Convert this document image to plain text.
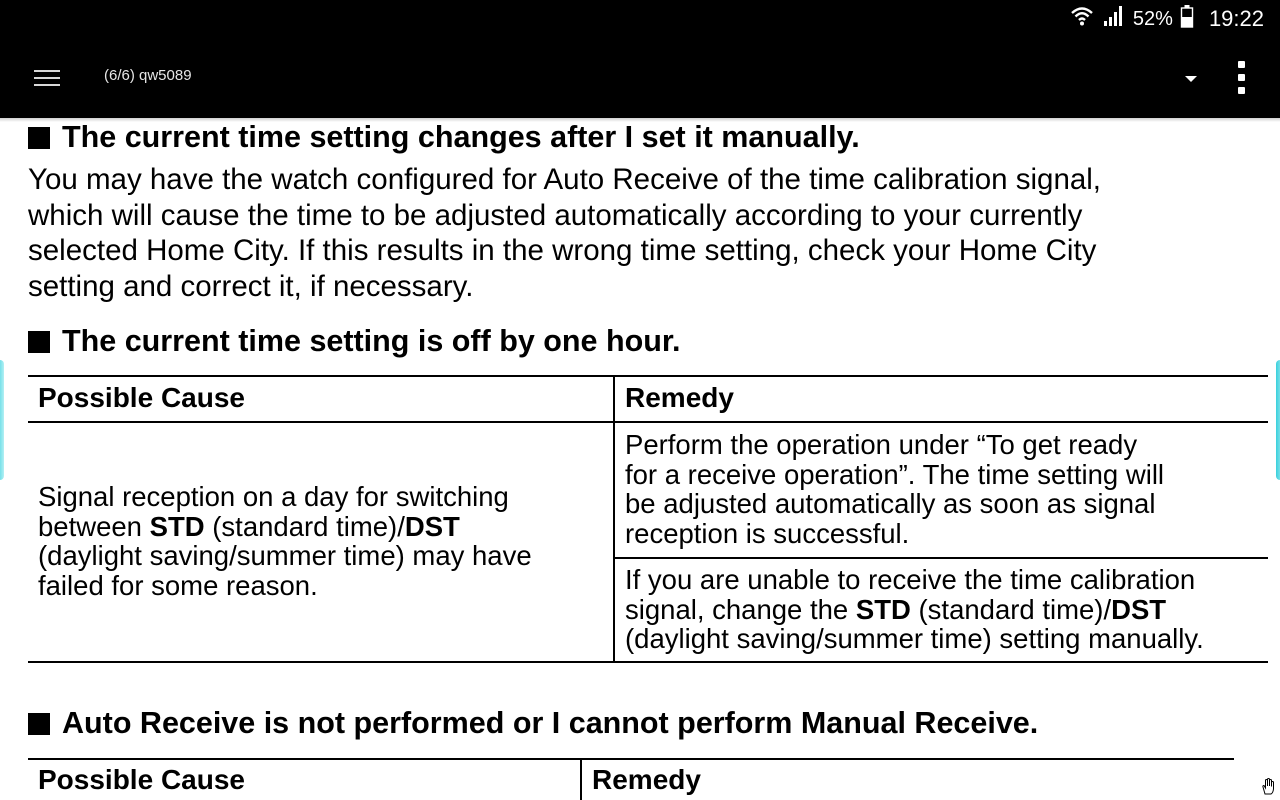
52% 19:22
(6/6) qw5089
The current time setting changes after I set it manually.
You may have the watch configured for Auto Receive of the time calibration signal,
which will cause the time to be adjusted automatically according to your currently
selected Home City. If this results in the wrong time setting, check your Home City
setting and correct it, if necessary.
The current time setting is off by one hour.
Possible Cause	Remedy
Signal reception on a day for switching
between STD (standard time)/DST
(daylight saving/summer time) may have
failed for some reason.
Perform the operation under “To get ready
for a receive operation”. The time setting will
be adjusted automatically as soon as signal
reception is successful.
If you are unable to receive the time calibration
signal, change the STD (standard time)/DST
(daylight saving/summer time) setting manually.
Auto Receive is not performed or I cannot perform Manual Receive.
Possible Cause	Remedy
